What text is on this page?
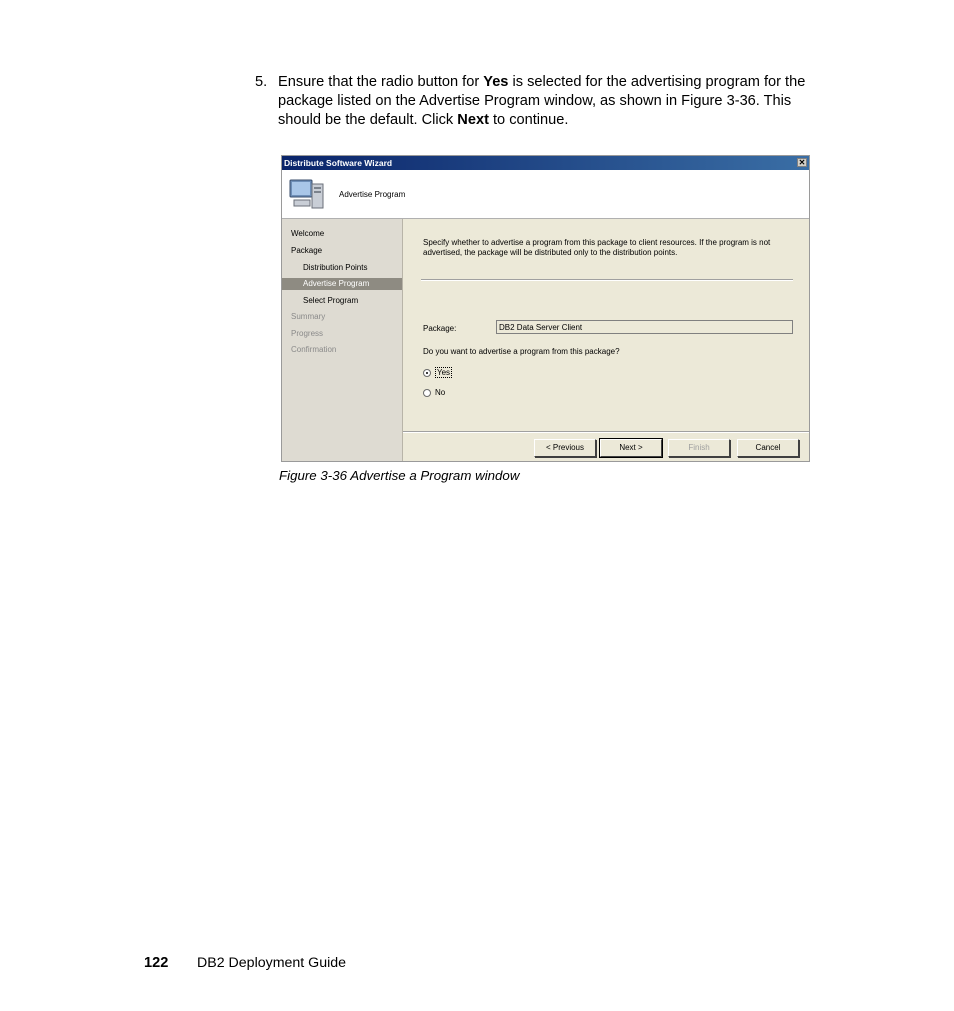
5. Ensure that the radio button for Yes is selected for the advertising program for the package listed on the Advertise Program window, as shown in Figure 3-36. This should be the default. Click Next to continue.
Distribute Software Wizard	✕
Advertise Program
Welcome
Package
Distribution Points
Advertise Program
Select Program
Summary
Progress
Confirmation
Specify whether to advertise a program from this package to client resources. If the program is not advertised, the package will be distributed only to the distribution points.
Package:	DB2 Data Server Client
Do you want to advertise a program from this package?
Yes
No
< Previous	Next >	Finish	Cancel
Figure 3-36 Advertise a Program window
122 DB2 Deployment Guide
